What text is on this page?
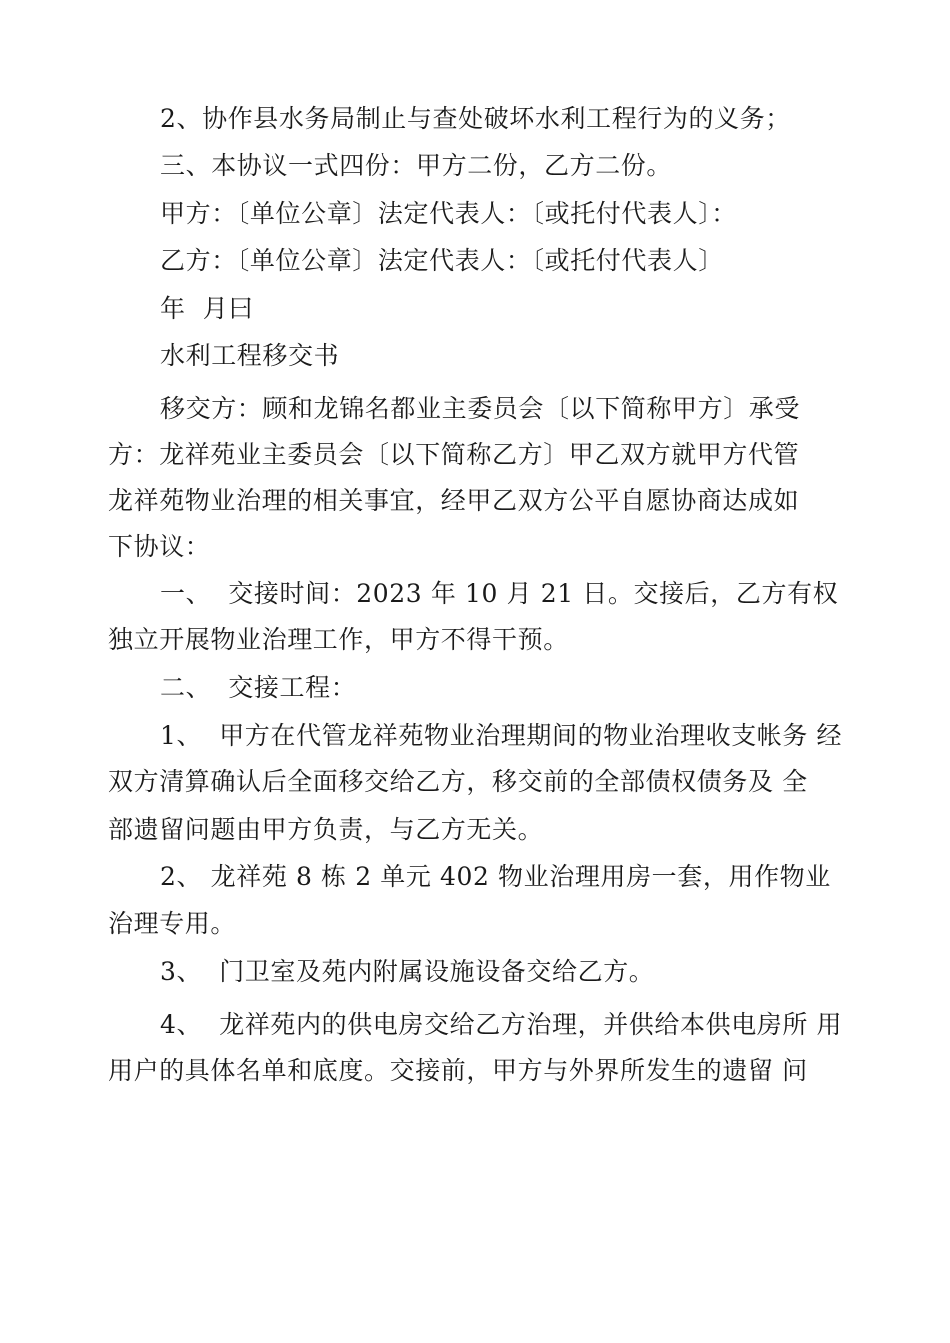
2、协作县水务局制止与查处破坏水利工程行为的义务；
三、本协议一式四份：甲方二份，乙方二份。
甲方：〔单位公章〕法定代表人：〔或托付代表人〕：
乙方：〔单位公章〕法定代表人：〔或托付代表人〕
年  月曰
水利工程移交书
移交方：顾和龙锦名都业主委员会〔以下简称甲方〕承受
方：龙祥苑业主委员会〔以下简称乙方〕甲乙双方就甲方代管
龙祥苑物业治理的相关事宜，经甲乙双方公平自愿协商达成如
下协议：
一、  交接时间：2023 年 10 月 21 日。交接后，乙方有权
独立开展物业治理工作，甲方不得干预。
二、  交接工程：
1、  甲方在代管龙祥苑物业治理期间的物业治理收支帐务 经
双方清算确认后全面移交给乙方，移交前的全部债权债务及 全
部遗留问题由甲方负责，与乙方无关。
2、 龙祥苑 8 栋 2 单元 402 物业治理用房一套，用作物业
治理专用。
3、  门卫室及苑内附属设施设备交给乙方。
4、  龙祥苑内的供电房交给乙方治理，并供给本供电房所 用
用户的具体名单和底度。交接前，甲方与外界所发生的遗留 问
